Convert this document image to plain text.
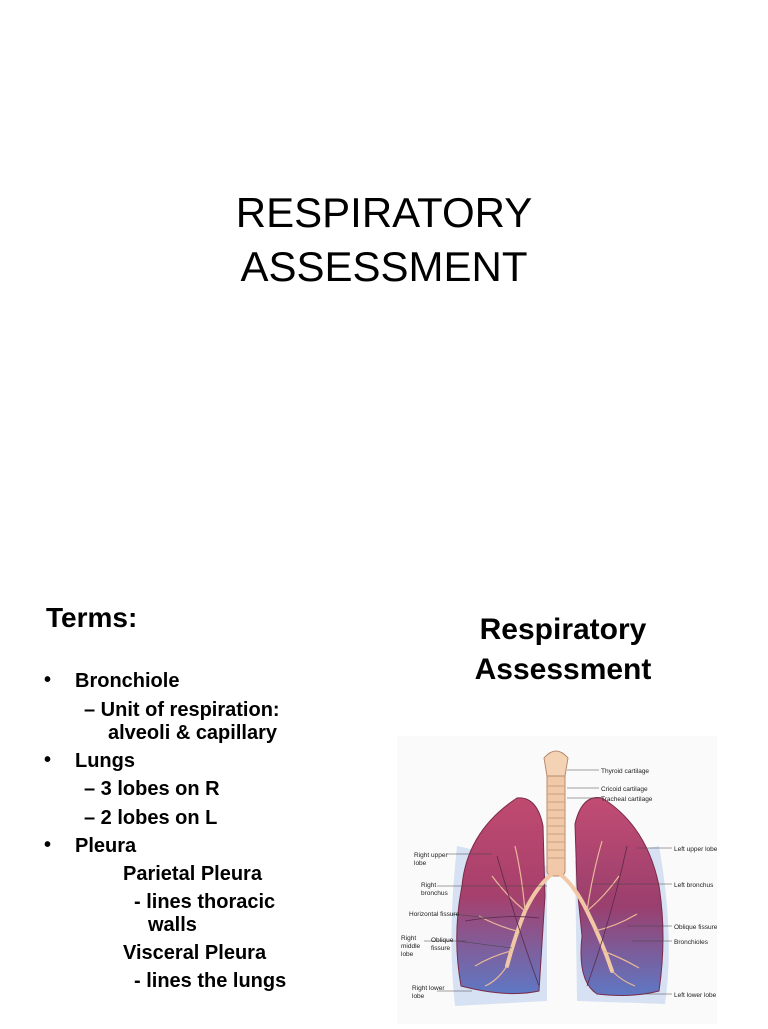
RESPIRATORY
ASSESSMENT
Terms:
• Bronchiole
– Unit of respiration:
alveoli & capillary
• Lungs
– 3 lobes on R
– 2 lobes on L
• Pleura
Parietal Pleura
- lines thoracic
walls
Visceral Pleura
- lines the lungs
Respiratory
Assessment
Thyroid cartilage
Cricoid cartilage
Tracheal cartilage
Left upper lobe
Left bronchus
Oblique fissure
Bronchioles
Left lower lobe
Right upper
lobe
Right
bronchus
Horizontal fissure
Right
middle
lobe
Oblique
fissure
Right lower
lobe
